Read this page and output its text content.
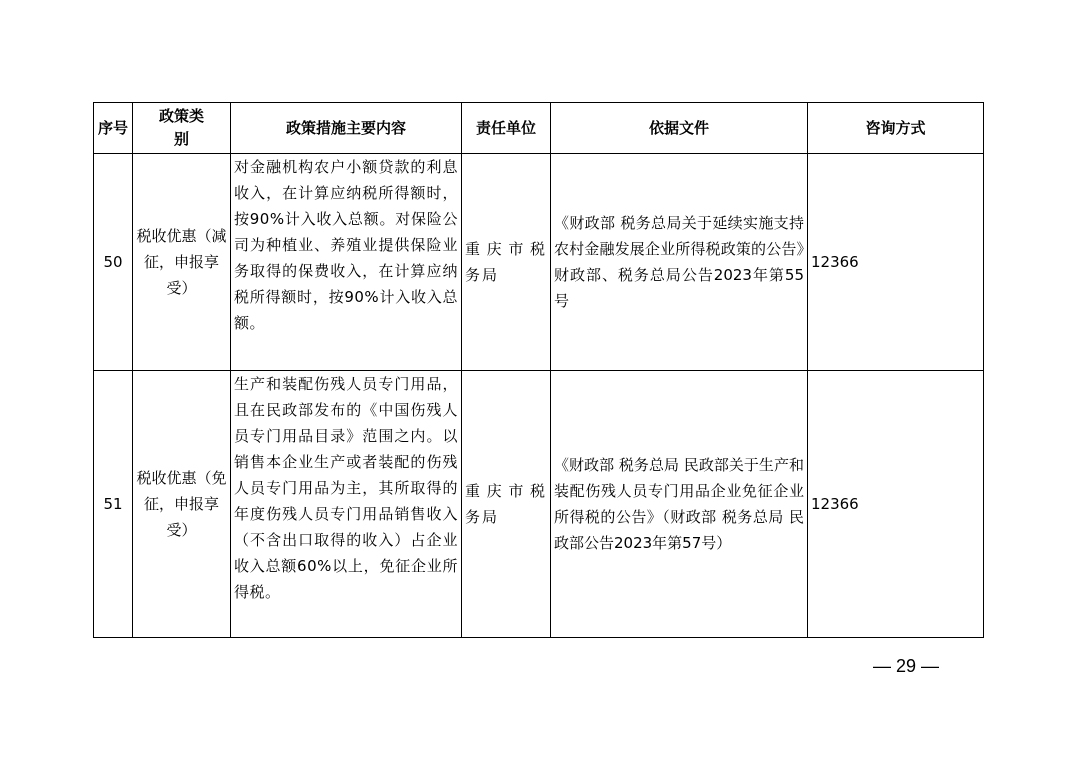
序号	政策类别	政策措施主要内容	责任单位	依据文件	咨询方式
50	税收优惠（减征，申报享受）	对金融机构农户小额贷款的利息收入，在计算应纳税所得额时，按90%计入收入总额。对保险公司为种植业、养殖业提供保险业务取得的保费收入，在计算应纳税所得额时，按90%计入收入总额。	重庆市税务局	《财政部 税务总局关于延续实施支持农村金融发展企业所得税政策的公告》财政部、税务总局公告2023年第55号	12366
51	税收优惠（免征，申报享受）	生产和装配伤残人员专门用品，且在民政部发布的《中国伤残人员专门用品目录》范围之内。以销售本企业生产或者装配的伤残人员专门用品为主，其所取得的年度伤残人员专门用品销售收入（不含出口取得的收入）占企业收入总额60%以上，免征企业所得税。	重庆市税务局	《财政部 税务总局 民政部关于生产和装配伤残人员专门用品企业免征企业所得税的公告》（财政部 税务总局 民政部公告2023年第57号）	12366
— 29 —
